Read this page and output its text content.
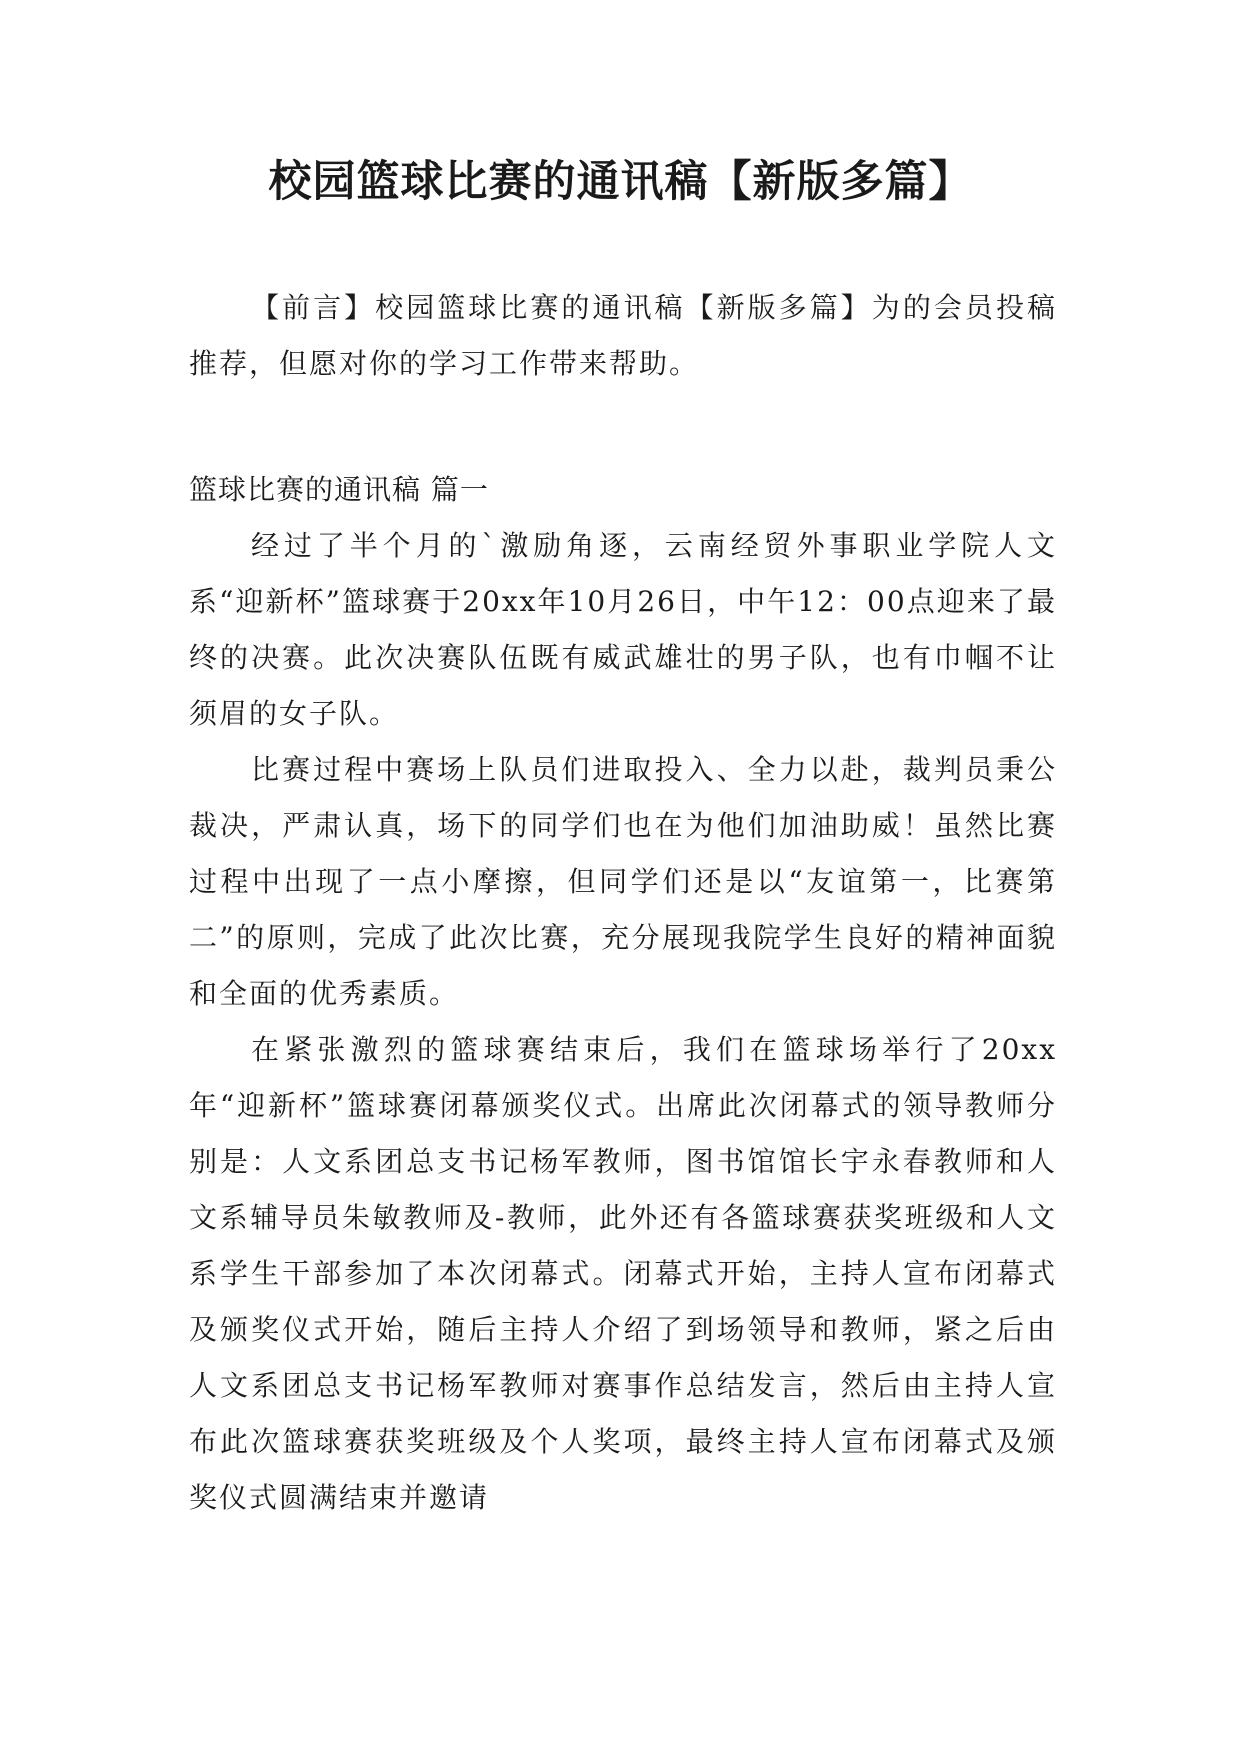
校园篮球比赛的通讯稿【新版多篇】

【前言】校园篮球比赛的通讯稿【新版多篇】为的会员投稿推荐，但愿对你的学习工作带来帮助。

篮球比赛的通讯稿 篇一

经过了半个月的`激励角逐，云南经贸外事职业学院人文系“迎新杯”篮球赛于20xx年10月26日，中午12：00点迎来了最终的决赛。此次决赛队伍既有威武雄壮的男子队，也有巾帼不让须眉的女子队。

比赛过程中赛场上队员们进取投入、全力以赴，裁判员秉公裁决，严肃认真，场下的同学们也在为他们加油助威！虽然比赛过程中出现了一点小摩擦，但同学们还是以“友谊第一，比赛第二”的原则，完成了此次比赛，充分展现我院学生良好的精神面貌和全面的优秀素质。

在紧张激烈的篮球赛结束后，我们在篮球场举行了20xx年“迎新杯”篮球赛闭幕颁奖仪式。出席此次闭幕式的领导教师分别是：人文系团总支书记杨军教师，图书馆馆长宇永春教师和人文系辅导员朱敏教师及-教师，此外还有各篮球赛获奖班级和人文系学生干部参加了本次闭幕式。闭幕式开始，主持人宣布闭幕式及颁奖仪式开始，随后主持人介绍了到场领导和教师，紧之后由人文系团总支书记杨军教师对赛事作总结发言，然后由主持人宣布此次篮球赛获奖班级及个人奖项，最终主持人宣布闭幕式及颁奖仪式圆满结束并邀请
